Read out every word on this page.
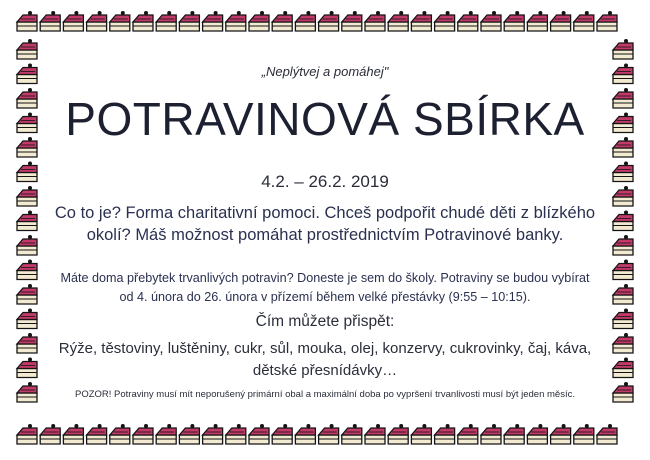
„Neplýtvej a pomáhej"
POTRAVINOVÁ SBÍRKA
4.2. – 26.2. 2019
Co to je? Forma charitativní pomoci. Chceš podpořit chudé děti z blízkého
okolí? Máš možnost pomáhat prostřednictvím Potravinové banky.
Máte doma přebytek trvanlivých potravin? Doneste je sem do školy. Potraviny se budou vybírat
od 4. února do 26. února v přízemí během velké přestávky (9:55 – 10:15).
Čím můžete přispět:
Rýže, těstoviny, luštěniny, cukr, sůl, mouka, olej, konzervy, cukrovinky, čaj, káva,
dětské přesnídávky…
POZOR! Potraviny musí mít neporušený primární obal a maximální doba po vypršení trvanlivosti musí být jeden měsíc.
